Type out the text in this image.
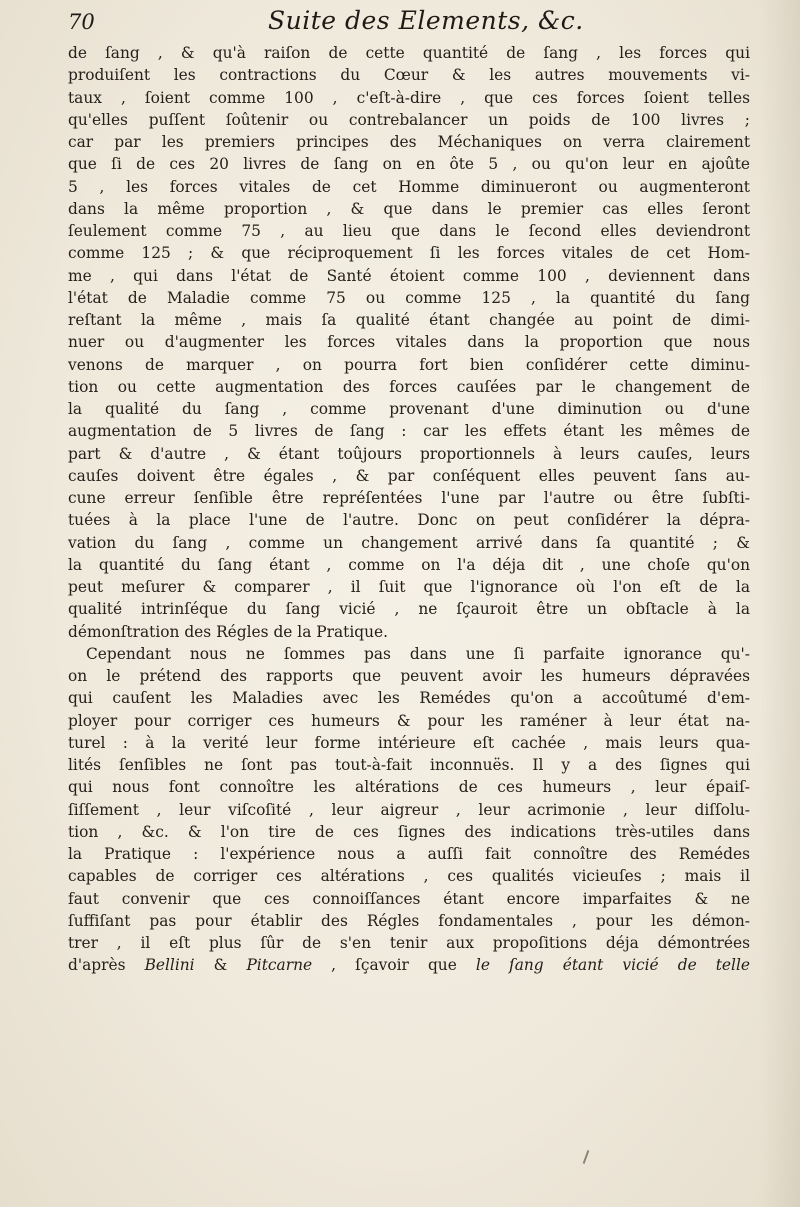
70	Suite des Elements, &c.
de ſang , & qu'à raiſon de cette quantité de ſang , les forces qui
produiſent les contractions du Cœur & les autres mouvements vi-
taux , ſoient comme 100 , c'eſt-à-dire , que ces forces ſoient telles
qu'elles puſſent ſoûtenir ou contrebalancer un poids de 100 livres ;
car par les premiers principes des Méchaniques on verra clairement
que ſi de ces 20 livres de ſang on en ôte 5 , ou qu'on leur en ajoûte
5 , les forces vitales de cet Homme diminueront ou augmenteront
dans la même proportion , & que dans le premier cas elles ſeront
ſeulement comme 75 , au lieu que dans le ſecond elles deviendront
comme 125 ; & que réciproquement ſi les forces vitales de cet Hom-
me , qui dans l'état de Santé étoient comme 100 , deviennent dans
l'état de Maladie comme 75 ou comme 125 , la quantité du ſang
reſtant la même , mais ſa qualité étant changée au point de dimi-
nuer ou d'augmenter les forces vitales dans la proportion que nous
venons de marquer , on pourra fort bien conſidérer cette diminu-
tion ou cette augmentation des forces cauſées par le changement de
la qualité du ſang , comme provenant d'une diminution ou d'une
augmentation de 5 livres de ſang : car les effets étant les mêmes de
part & d'autre , & étant toûjours proportionnels à leurs cauſes, leurs
cauſes doivent être égales , & par conſéquent elles peuvent ſans au-
cune erreur ſenſible être repréſentées l'une par l'autre ou être ſubſti-
tuées à la place l'une de l'autre. Donc on peut conſidérer la dépra-
vation du ſang , comme un changement arrivé dans ſa quantité ; &
la quantité du ſang étant , comme on l'a déja dit , une choſe qu'on
peut meſurer & comparer , il ſuit que l'ignorance où l'on eſt de la
qualité intrinſéque du ſang vicié , ne ſçauroit être un obſtacle à la
démonſtration des Régles de la Pratique.
Cependant nous ne ſommes pas dans une ſi parfaite ignorance qu'-
on le prétend des rapports que peuvent avoir les humeurs dépravées
qui cauſent les Maladies avec les Remédes qu'on a accoûtumé d'em-
ployer pour corriger ces humeurs & pour les raméner à leur état na-
turel : à la verité leur forme intérieure eſt cachée , mais leurs qua-
lités ſenſibles ne ſont pas tout-à-fait inconnuës. Il y a des ſignes qui
qui nous font connoître les altérations de ces humeurs , leur épaiſ-
ſiſſement , leur viſcoſité , leur aigreur , leur acrimonie , leur diſſolu-
tion , &c. & l'on tire de ces ſignes des indications très-utiles dans
la Pratique : l'expérience nous a auſſi fait connoître des Remédes
capables de corriger ces altérations , ces qualités vicieuſes ; mais il
faut convenir que ces connoiſſances étant encore imparfaites & ne
ſuffiſant pas pour établir des Régles fondamentales , pour les démon-
trer , il eſt plus ſûr de s'en tenir aux propoſitions déja démontrées
d'après Bellini & Pitcarne , ſçavoir que le ſang étant vicié de telle
